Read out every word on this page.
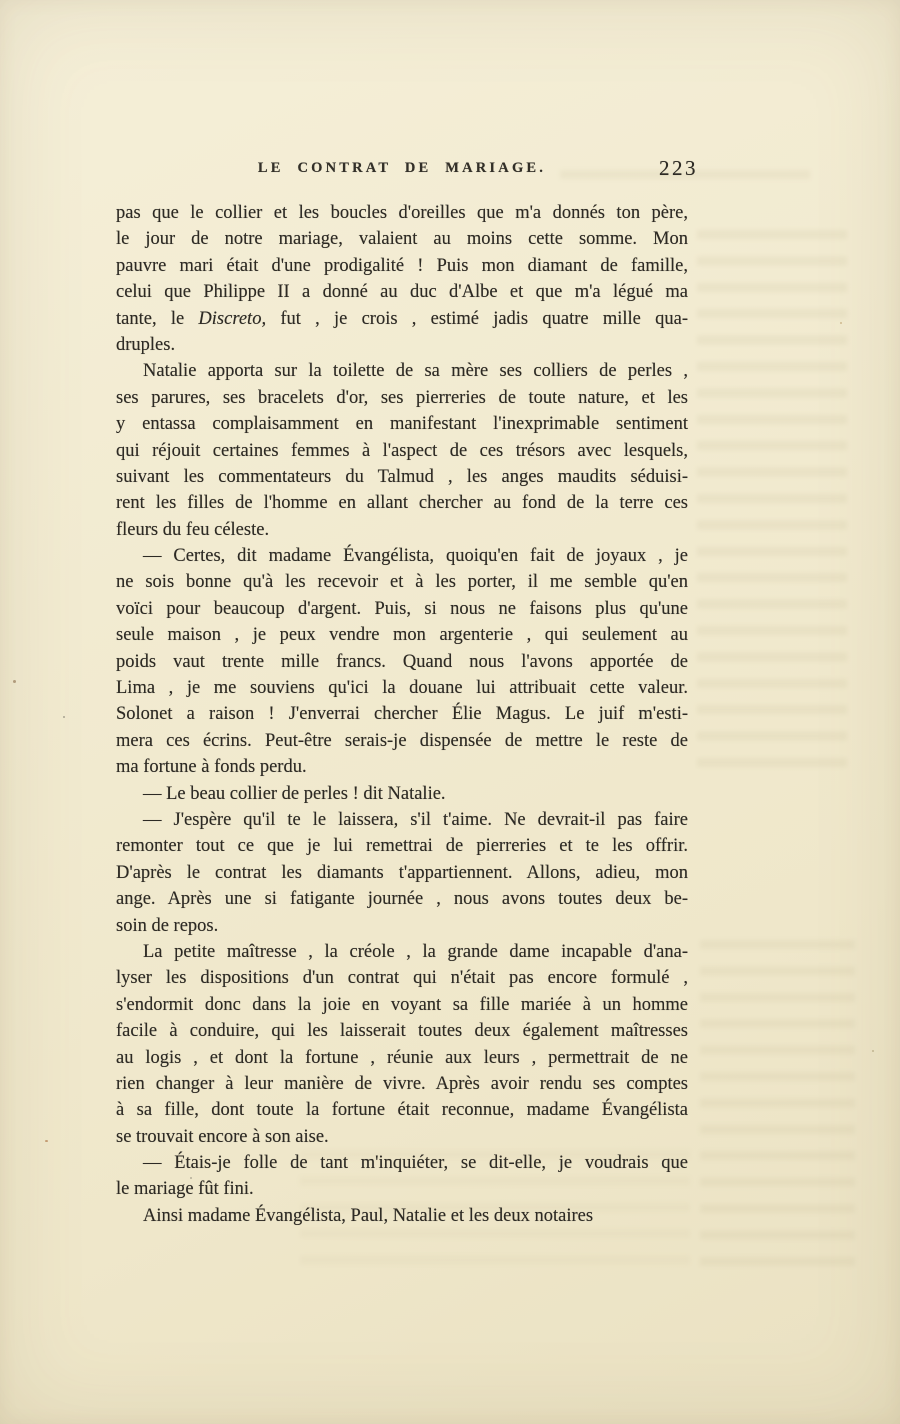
LE CONTRAT DE MARIAGE.	223
pas que le collier et les boucles d'oreilles que m'a donnés ton père,
le jour de notre mariage, valaient au moins cette somme. Mon
pauvre mari était d'une prodigalité ! Puis mon diamant de famille,
celui que Philippe II a donné au duc d'Albe et que m'a légué ma
tante, le Discreto, fut , je crois , estimé jadis quatre mille qua-
druples.
Natalie apporta sur la toilette de sa mère ses colliers de perles ,
ses parures, ses bracelets d'or, ses pierreries de toute nature, et les
y entassa complaisamment en manifestant l'inexprimable sentiment
qui réjouit certaines femmes à l'aspect de ces trésors avec lesquels,
suivant les commentateurs du Talmud , les anges maudits séduisi-
rent les filles de l'homme en allant chercher au fond de la terre ces
fleurs du feu céleste.
— Certes, dit madame Évangélista, quoiqu'en fait de joyaux , je
ne sois bonne qu'à les recevoir et à les porter, il me semble qu'en
voïci pour beaucoup d'argent. Puis, si nous ne faisons plus qu'une
seule maison , je peux vendre mon argenterie , qui seulement au
poids vaut trente mille francs. Quand nous l'avons apportée de
Lima , je me souviens qu'ici la douane lui attribuait cette valeur.
Solonet a raison ! J'enverrai chercher Élie Magus. Le juif m'esti-
mera ces écrins. Peut-être serais-je dispensée de mettre le reste de
ma fortune à fonds perdu.
— Le beau collier de perles ! dit Natalie.
— J'espère qu'il te le laissera, s'il t'aime. Ne devrait-il pas faire
remonter tout ce que je lui remettrai de pierreries et te les offrir.
D'après le contrat les diamants t'appartiennent. Allons, adieu, mon
ange. Après une si fatigante journée , nous avons toutes deux be-
soin de repos.
La petite maîtresse , la créole , la grande dame incapable d'ana-
lyser les dispositions d'un contrat qui n'était pas encore formulé ,
s'endormit donc dans la joie en voyant sa fille mariée à un homme
facile à conduire, qui les laisserait toutes deux également maîtresses
au logis , et dont la fortune , réunie aux leurs , permettrait de ne
rien changer à leur manière de vivre. Après avoir rendu ses comptes
à sa fille, dont toute la fortune était reconnue, madame Évangélista
se trouvait encore à son aise.
— Étais-je folle de tant m'inquiéter, se dit-elle, je voudrais que
le mariage fût fini.
Ainsi madame Évangélista, Paul, Natalie et les deux notaires
